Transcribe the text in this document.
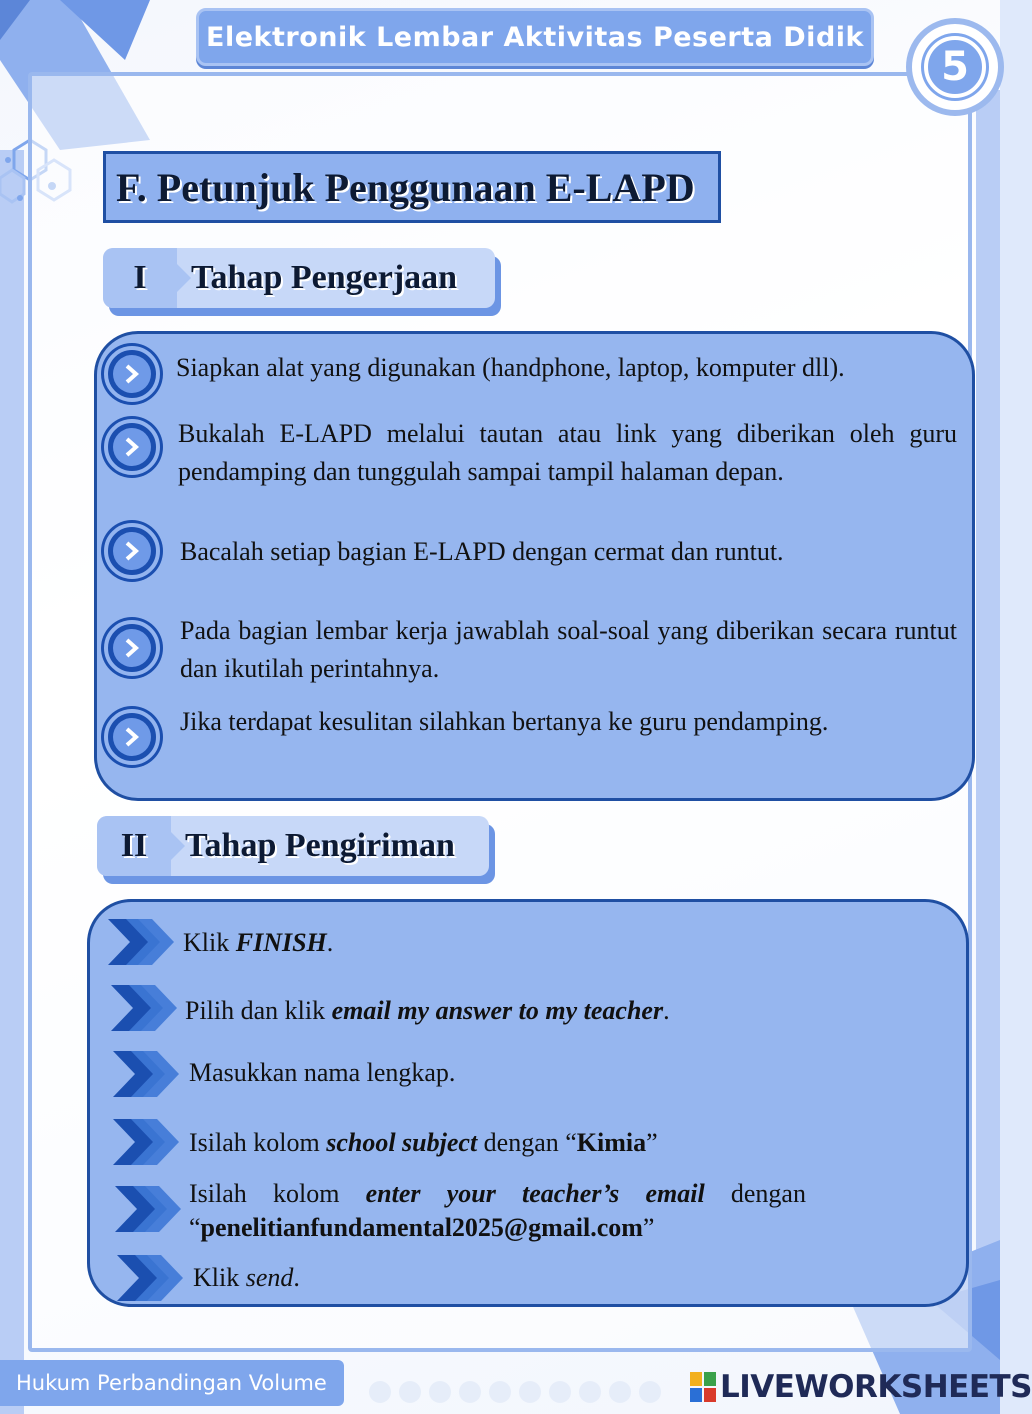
Elektronik Lembar Aktivitas Peserta Didik
5
F. Petunjuk Penggunaan E-LAPD
I	Tahap Pengerjaan
Siapkan alat yang digunakan (handphone, laptop, komputer dll).
Bukalah E-LAPD melalui tautan atau link yang diberikan oleh guru pendamping dan tunggulah sampai tampil halaman depan.
Bacalah setiap bagian E-LAPD dengan cermat dan runtut.
Pada bagian lembar kerja jawablah soal-soal yang diberikan secara runtut dan ikutilah perintahnya.
Jika terdapat kesulitan silahkan bertanya ke guru pendamping.
II	Tahap Pengiriman
Klik FINISH.
Pilih dan klik email my answer to my teacher.
Masukkan nama lengkap.
Isilah kolom school subject dengan “Kimia”
Isilah kolom enter your teacher’s email dengan “penelitianfundamental2025@gmail.com”
Klik send.
Hukum Perbandingan Volume	LIVEWORKSHEETS
